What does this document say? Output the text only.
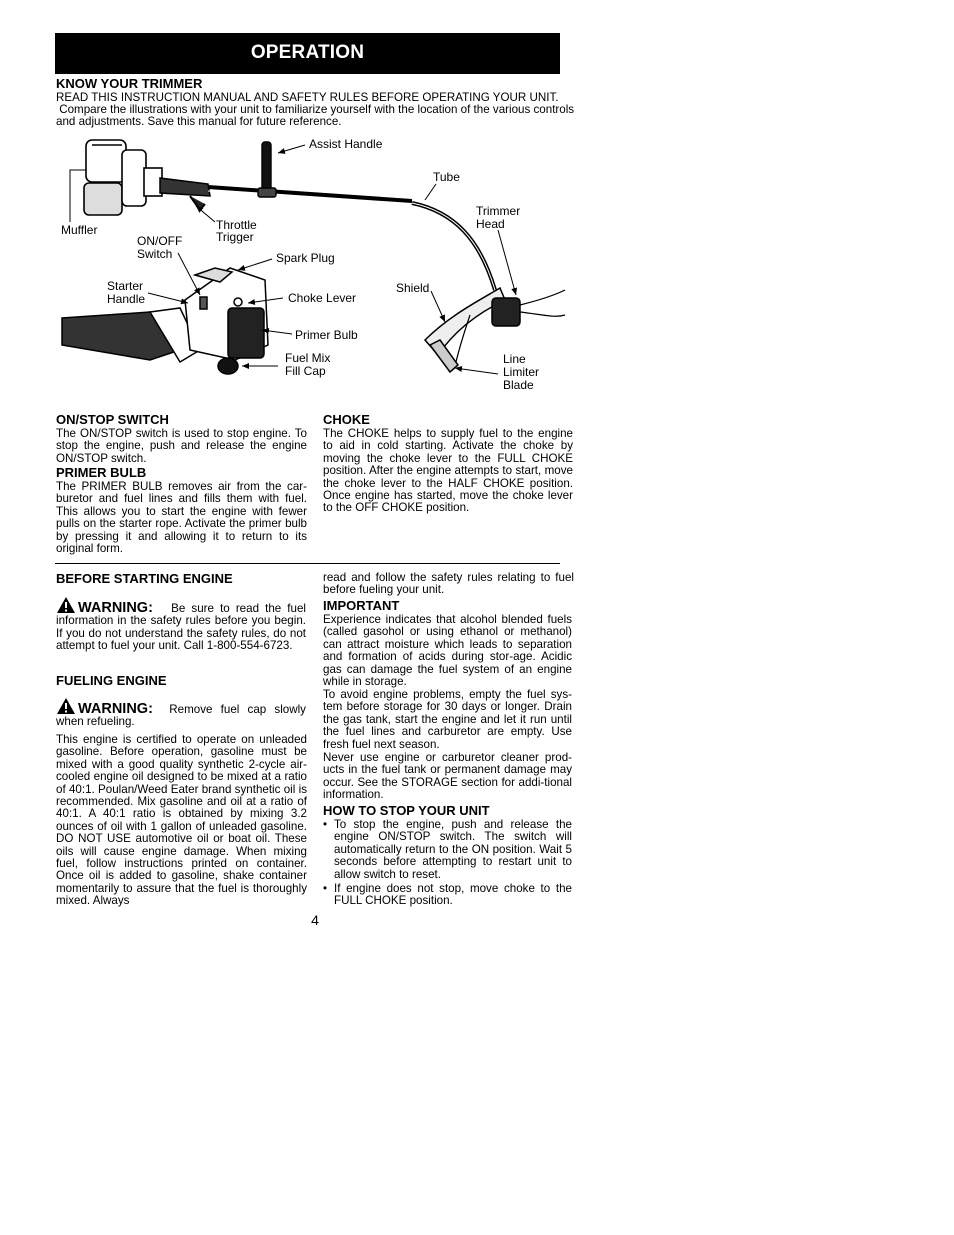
OPERATION
KNOW YOUR TRIMMER
READ THIS INSTRUCTION MANUAL AND SAFETY RULES BEFORE OPERATING YOUR UNIT.
Compare the illustrations with your unit to familiarize yourself with the location of the various controls
and adjustments. Save this manual for future reference.
Assist Handle
Tube
Trimmer
Head
Muffler	Throttle
Trigger
ON/OFF
Switch	Spark Plug
Starter
Handle	Choke Lever
Shield
Primer Bulb
Fuel Mix
Fill Cap
Line
Limiter
Blade
ON/STOP SWITCH
The ON/STOP switch is used to stop engine. To stop the engine, push and release the engine ON/STOP switch.
PRIMER BULB
The PRIMER BULB removes air from the car-buretor and fuel lines and fills them with fuel. This allows you to start the engine with fewer pulls on the starter rope. Activate the primer bulb by pressing it and allowing it to return to its original form.
CHOKE
The CHOKE helps to supply fuel to the engine to aid in cold starting. Activate the choke by moving the choke lever to the FULL CHOKE position. After the engine attempts to start, move the choke lever to the HALF CHOKE position. Once engine has started, move the choke lever to the OFF CHOKE position.
BEFORE STARTING ENGINE
WARNING: Be sure to read the fuel information in the safety rules before you begin. If you do not understand the safety rules, do not attempt to fuel your unit. Call 1-800-554-6723.
FUELING ENGINE
WARNING: Remove fuel cap slowly when refueling.
This engine is certified to operate on unleaded gasoline. Before operation, gasoline must be mixed with a good quality synthetic 2-cycle air-cooled engine oil designed to be mixed at a ratio of 40:1. Poulan/Weed Eater brand synthetic oil is recommended. Mix gasoline and oil at a ratio of 40:1. A 40:1 ratio is obtained by mixing 3.2 ounces of oil with 1 gallon of unleaded gasoline. DO NOT USE automotive oil or boat oil. These oils will cause engine damage. When mixing fuel, follow instructions printed on container. Once oil is added to gasoline, shake container momentarily to assure that the fuel is thoroughly mixed. Always
read and follow the safety rules relating to fuel before fueling your unit.
IMPORTANT
Experience indicates that alcohol blended fuels (called gasohol or using ethanol or methanol) can attract moisture which leads to separation and formation of acids during stor-age. Acidic gas can damage the fuel system of an engine while in storage.
To avoid engine problems, empty the fuel sys-tem before storage for 30 days or longer. Drain the gas tank, start the engine and let it run until the fuel lines and carburetor are empty. Use fresh fuel next season.
Never use engine or carburetor cleaner prod-ucts in the fuel tank or permanent damage may occur. See the STORAGE section for addi-tional information.
HOW TO STOP YOUR UNIT
• To stop the engine, push and release the engine ON/STOP switch. The switch will automatically return to the ON position. Wait 5 seconds before attempting to restart unit to allow switch to reset.
• If engine does not stop, move choke to the FULL CHOKE position.
4
